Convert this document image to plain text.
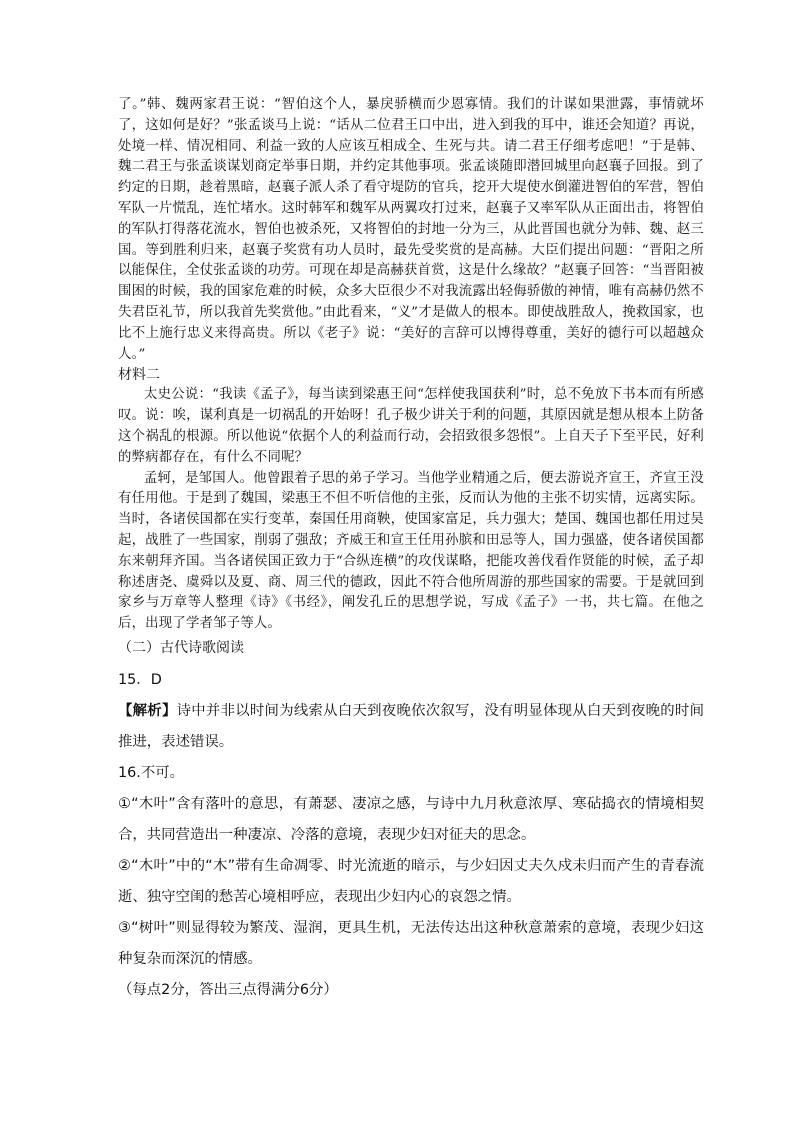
了。”韩、魏两家君王说：“智伯这个人，暴戾骄横而少恩寡情。我们的计谋如果泄露，事情就坏了，这如何是好？”张孟谈马上说：“话从二位君王口中出，进入到我的耳中，谁还会知道？再说，处境一样、情况相同、利益一致的人应该互相成全、生死与共。请二君王仔细考虑吧！”于是韩、魏二君王与张孟谈谋划商定举事日期，并约定其他事项。张孟谈随即潜回城里向赵襄子回报。到了约定的日期，趁着黑暗，赵襄子派人杀了看守堤防的官兵，挖开大堤使水倒灌进智伯的军营，智伯军队一片慌乱，连忙堵水。这时韩军和魏军从两翼攻打过来，赵襄子又率军队从正面出击，将智伯的军队打得落花流水，智伯也被杀死，又将智伯的封地一分为三，从此晋国也就分为韩、魏、赵三国。等到胜利归来，赵襄子奖赏有功人员时，最先受奖赏的是高赫。大臣们提出问题：“晋阳之所以能保住，全仗张孟谈的功劳。可现在却是高赫获首赏，这是什么缘故？”赵襄子回答：“当晋阳被围困的时候，我的国家危难的时候，众多大臣很少不对我流露出轻侮骄傲的神情，唯有高赫仍然不失君臣礼节，所以我首先奖赏他。”由此看来，“义”才是做人的根本。即使战胜敌人，挽救国家，也比不上施行忠义来得高贵。所以《老子》说：“美好的言辞可以博得尊重，美好的德行可以超越众人。”

材料二

太史公说：“我读《孟子》，每当读到梁惠王问“怎样使我国获利”时，总不免放下书本而有所感叹。说：唉，谋利真是一切祸乱的开始呀！孔子极少讲关于利的问题，其原因就是想从根本上防备这个祸乱的根源。所以他说“依据个人的利益而行动，会招致很多怨恨”。上自天子下至平民，好利的弊病都存在，有什么不同呢？

孟轲，是邹国人。他曾跟着子思的弟子学习。当他学业精通之后，便去游说齐宣王，齐宣王没有任用他。于是到了魏国，梁惠王不但不听信他的主张，反而认为他的主张不切实情，远离实际。当时，各诸侯国都在实行变革，秦国任用商鞅，使国家富足，兵力强大；楚国、魏国也都任用过吴起，战胜了一些国家，削弱了强敌；齐威王和宣王任用孙膑和田忌等人，国力强盛，使各诸侯国都东来朝拜齐国。当各诸侯国正致力于“合纵连横”的攻伐谋略，把能攻善伐看作贤能的时候，孟子却称述唐尧、虞舜以及夏、商、周三代的德政，因此不符合他所周游的那些国家的需要。于是就回到家乡与万章等人整理《诗》《书经》，阐发孔丘的思想学说，写成《孟子》一书，共七篇。在他之后，出现了学者邹子等人。

（二）古代诗歌阅读

15．D

【解析】诗中并非以时间为线索从白天到夜晚依次叙写，没有明显体现从白天到夜晚的时间推进，表述错误。

16.不可。

①“木叶”含有落叶的意思，有萧瑟、凄凉之感，与诗中九月秋意浓厚、寒砧捣衣的情境相契合，共同营造出一种凄凉、冷落的意境，表现少妇对征夫的思念。

②“木叶”中的“木”带有生命凋零、时光流逝的暗示，与少妇因丈夫久戍未归而产生的青春流逝、独守空闺的愁苦心境相呼应，表现出少妇内心的哀怨之情。

③“树叶”则显得较为繁茂、湿润，更具生机，无法传达出这种秋意萧索的意境，表现少妇这种复杂而深沉的情感。

（每点2分，答出三点得满分6分）
